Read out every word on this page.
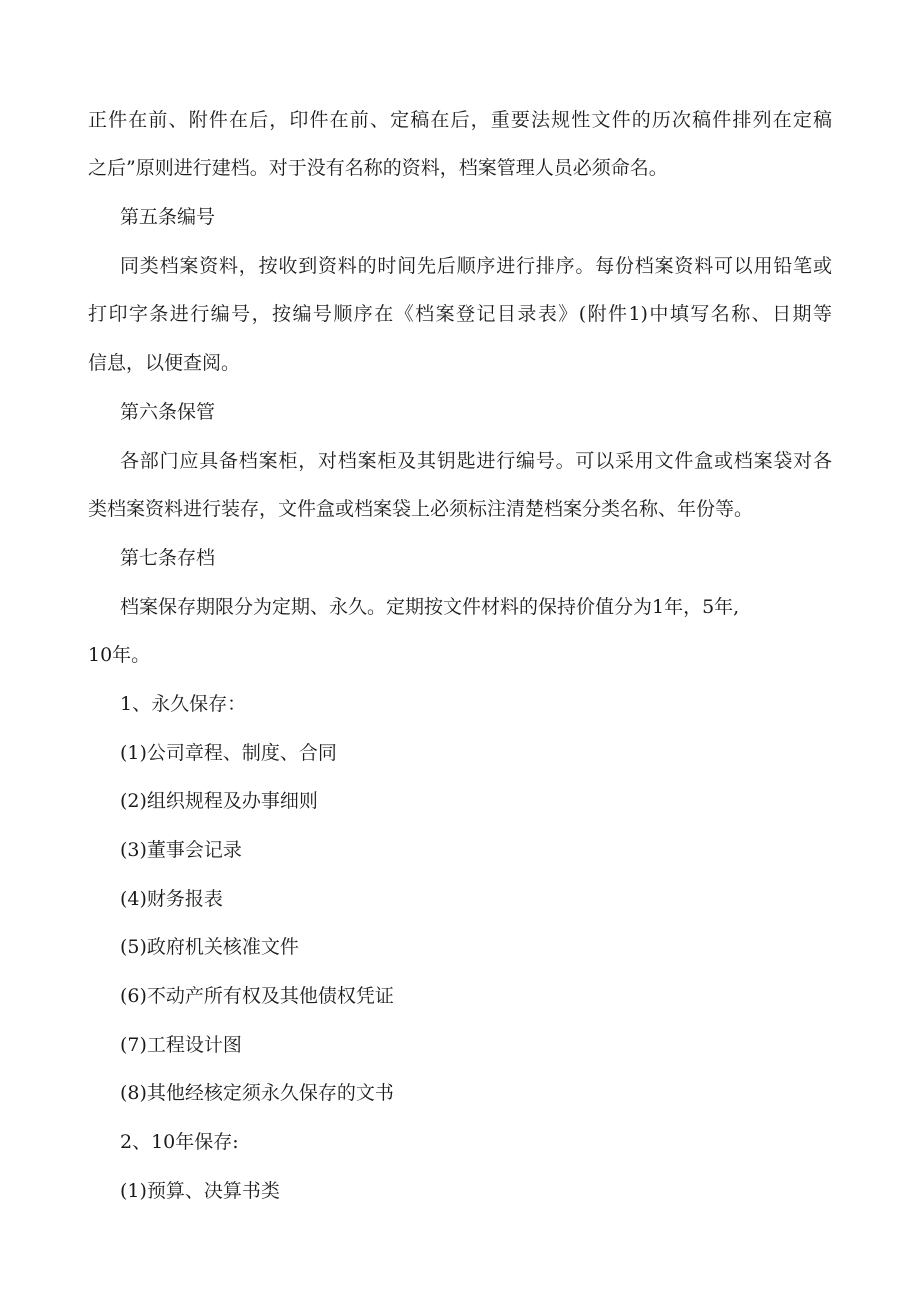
正件在前、附件在后，印件在前、定稿在后，重要法规性文件的历次稿件排列在定稿

之后”原则进行建档。对于没有名称的资料，档案管理人员必须命名。

第五条编号

同类档案资料，按收到资料的时间先后顺序进行排序。每份档案资料可以用铅笔或

打印字条进行编号，按编号顺序在《档案登记目录表》(附件1)中填写名称、日期等

信息，以便查阅。

第六条保管

各部门应具备档案柜，对档案柜及其钥匙进行编号。可以采用文件盒或档案袋对各

类档案资料进行装存，文件盒或档案袋上必须标注清楚档案分类名称、年份等。

第七条存档

档案保存期限分为定期、永久。定期按文件材料的保持价值分为1年，5年,

10年。

1、永久保存：

(1)公司章程、制度、合同

(2)组织规程及办事细则

(3)董事会记录

(4)财务报表

(5)政府机关核准文件

(6)不动产所有权及其他债权凭证

(7)工程设计图

(8)其他经核定须永久保存的文书

2、10年保存:

(1)预算、决算书类
